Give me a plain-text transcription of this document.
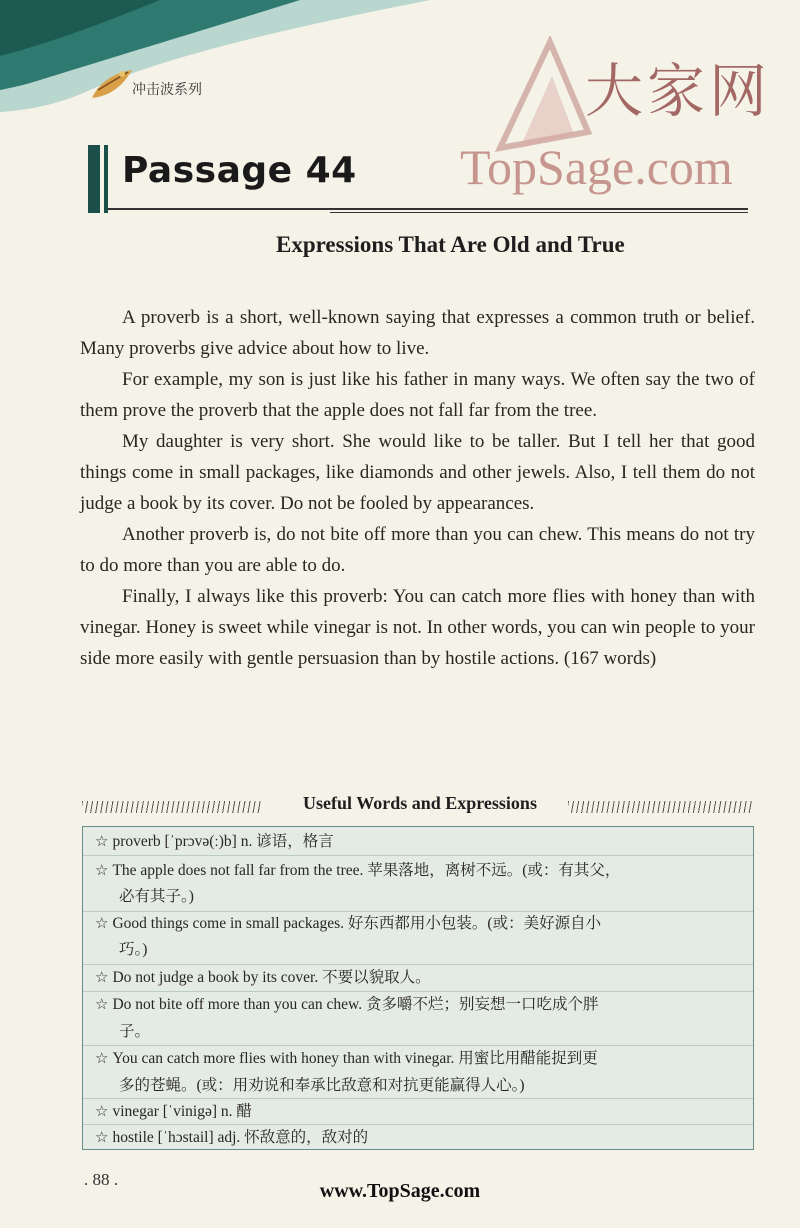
冲击波系列	大家网
TopSage.com
Passage 44
Expressions That Are Old and True

A proverb is a short, well-known saying that expresses a common truth or belief. Many proverbs give advice about how to live.

For example, my son is just like his father in many ways. We often say the two of them prove the proverb that the apple does not fall far from the tree.

My daughter is very short. She would like to be taller. But I tell her that good things come in small packages, like diamonds and other jewels. Also, I tell them do not judge a book by its cover. Do not be fooled by appearances.

Another proverb is, do not bite off more than you can chew. This means do not try to do more than you are able to do.

Finally, I always like this proverb: You can catch more flies with honey than with vinegar. Honey is sweet while vinegar is not. In other words, you can win people to your side more easily with gentle persuasion than by hostile actions. (167 words)

Useful Words and Expressions
☆ proverb [ˈprɔvə(ː)b] n. 谚语，格言
☆ The apple does not fall far from the tree. 苹果落地，离树不远。(或：有其父，
必有其子。)
☆ Good things come in small packages. 好东西都用小包装。(或：美好源自小
巧。)
☆ Do not judge a book by its cover. 不要以貌取人。
☆ Do not bite off more than you can chew. 贪多嚼不烂；别妄想一口吃成个胖
子。
☆ You can catch more flies with honey than with vinegar. 用蜜比用醋能捉到更
多的苍蝇。(或：用劝说和奉承比敌意和对抗更能赢得人心。)
☆ vinegar [ˈvinigə] n. 醋
☆ hostile [ˈhɔstail] adj. 怀敌意的，敌对的
. 88 .
www.TopSage.com
